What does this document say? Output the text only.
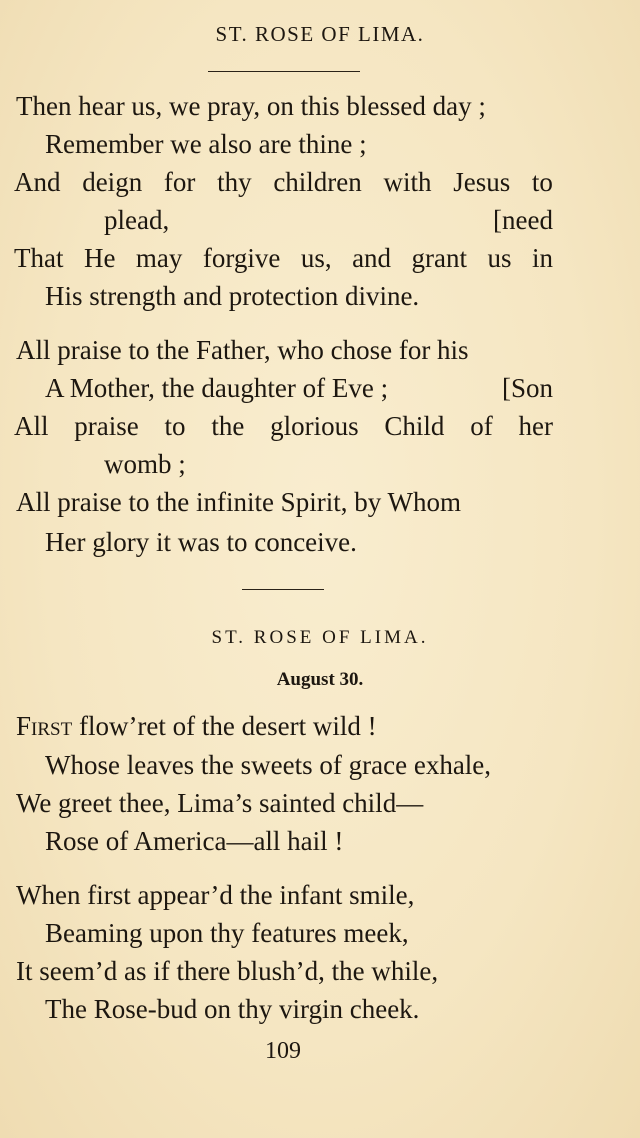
ST. ROSE OF LIMA.
Then hear us, we pray, on this blessed day ;
Remember we also are thine ;
And deign for thy children with Jesus to
plead,	[need
That He may forgive us, and grant us in
His strength and protection divine.
All praise to the Father, who chose for his
A Mother, the daughter of Eve ;	[Son
All praise to the glorious Child of her
womb ;
All praise to the infinite Spirit, by Whom
Her glory it was to conceive.
ST. ROSE OF LIMA.
August 30.
First flow’ret of the desert wild !
Whose leaves the sweets of grace exhale,
We greet thee, Lima’s sainted child—
Rose of America—all hail !
When first appear’d the infant smile,
Beaming upon thy features meek,
It seem’d as if there blush’d, the while,
The Rose-bud on thy virgin cheek.
109
